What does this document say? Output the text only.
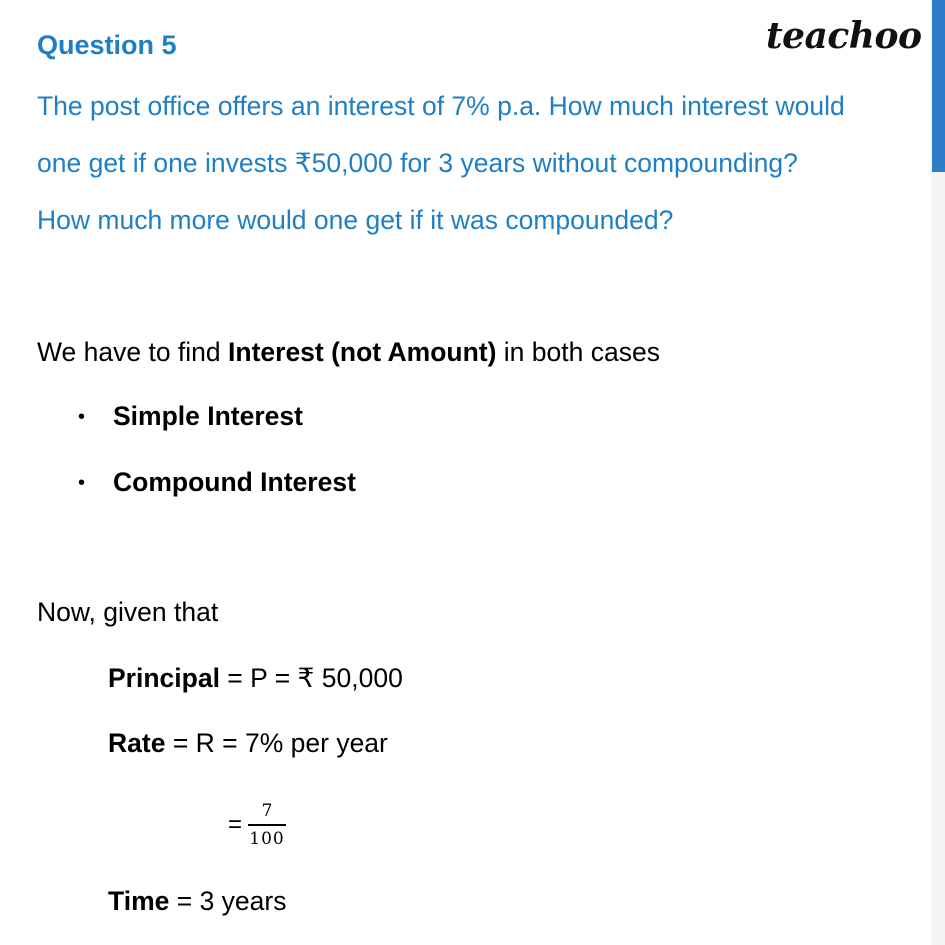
Question 5
The post office offers an interest of 7% p.a. How much interest would
one get if one invests ₹50,000 for 3 years without compounding?
How much more would one get if it was compounded?
teachoo
We have to find Interest (not Amount) in both cases
• Simple Interest
• Compound Interest
Now, given that
Principal = P = ₹ 50,000
Rate = R = 7% per year
= $\frac{7}{100}$
Time = 3 years
